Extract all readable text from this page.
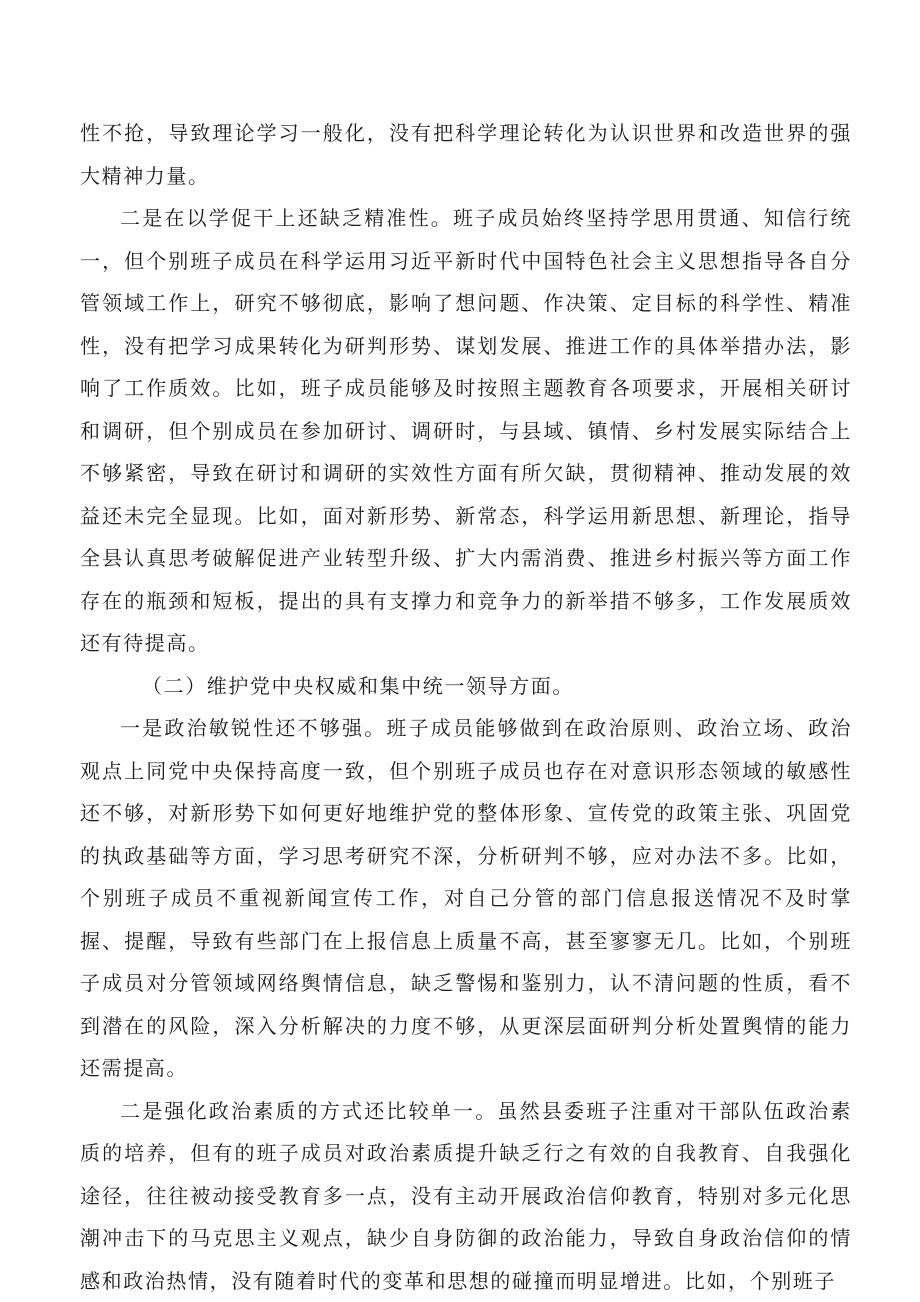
性不抢，导致理论学习一般化，没有把科学理论转化为认识世界和改造世界的强大精神力量。

二是在以学促干上还缺乏精准性。班子成员始终坚持学思用贯通、知信行统一，但个别班子成员在科学运用习近平新时代中国特色社会主义思想指导各自分管领域工作上，研究不够彻底，影响了想问题、作决策、定目标的科学性、精准性，没有把学习成果转化为研判形势、谋划发展、推进工作的具体举措办法，影响了工作质效。比如，班子成员能够及时按照主题教育各项要求，开展相关研讨和调研，但个别成员在参加研讨、调研时，与县域、镇情、乡村发展实际结合上不够紧密，导致在研讨和调研的实效性方面有所欠缺，贯彻精神、推动发展的效益还未完全显现。比如，面对新形势、新常态，科学运用新思想、新理论，指导全县认真思考破解促进产业转型升级、扩大内需消费、推进乡村振兴等方面工作存在的瓶颈和短板，提出的具有支撑力和竞争力的新举措不够多，工作发展质效还有待提高。

（二）维护党中央权威和集中统一领导方面。

一是政治敏锐性还不够强。班子成员能够做到在政治原则、政治立场、政治观点上同党中央保持高度一致，但个别班子成员也存在对意识形态领域的敏感性还不够，对新形势下如何更好地维护党的整体形象、宣传党的政策主张、巩固党的执政基础等方面，学习思考研究不深，分析研判不够，应对办法不多。比如，个别班子成员不重视新闻宣传工作，对自己分管的部门信息报送情况不及时掌握、提醒，导致有些部门在上报信息上质量不高，甚至寥寥无几。比如，个别班子成员对分管领域网络舆情信息，缺乏警惕和鉴别力，认不清问题的性质，看不到潜在的风险，深入分析解决的力度不够，从更深层面研判分析处置舆情的能力还需提高。

二是强化政治素质的方式还比较单一。虽然县委班子注重对干部队伍政治素质的培养，但有的班子成员对政治素质提升缺乏行之有效的自我教育、自我强化途径，往往被动接受教育多一点，没有主动开展政治信仰教育，特别对多元化思潮冲击下的马克思主义观点，缺少自身防御的政治能力，导致自身政治信仰的情感和政治热情，没有随着时代的变革和思想的碰撞而明显增进。比如，个别班子
